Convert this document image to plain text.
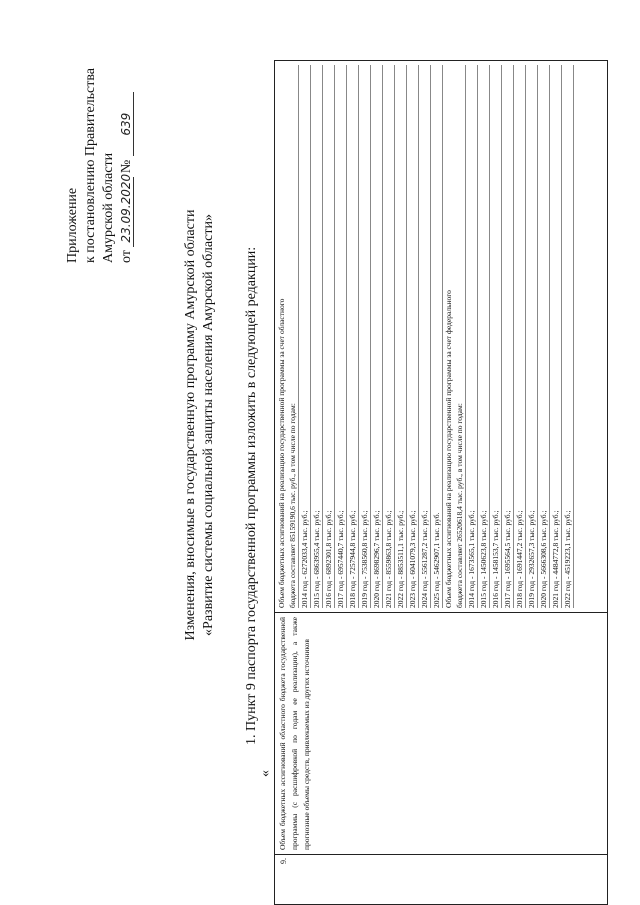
Приложение к постановлению Правительства Амурской области от 23.09.2020 № 639
Изменения, вносимые в государственную программу Амурской области «Развитие системы социальной защиты населения Амурской области» 1. Пункт 9 паспорта государственной программы изложить в следующей редакции:
«
9.
Объем бюджетных ассигнований областного бюджета государственной программы (с расшифровкой по годам ее реализации), а также прогнозные объемы средств, привлекаемых из других источников
Объем бюджетных ассигнований на реализацию государственной программы за счет областного бюджета составляет 85159190,6 тыс. руб., в том числе по годам: 2014 год - 6272033,4 тыс. руб.; 2015 год - 6863955,4 тыс. руб.; 2016 год - 6892301,8 тыс. руб.; 2017 год - 6957440,7 тыс. руб.; 2018 год - 7257944,8 тыс. руб.; 2019 год - 7538560,8 тыс. руб.; 2020 год - 8698296,7 тыс. руб.; 2021 год - 8559863,8 тыс. руб.; 2022 год - 8853511,1 тыс. руб.; 2023 год - 6041079,3 тыс. руб.; 2024 год - 5561287,2 тыс. руб.; 2025 год - 5462907,1 тыс. руб. Объем бюджетных ассигнований на реализацию государственной программы за счет федерального бюджета составляет 26520618,4 тыс. руб., в том числе по годам: 2014 год - 1673565,1 тыс. руб.; 2015 год - 1450623,8 тыс. руб.; 2016 год - 1458153,7 тыс. руб.; 2017 год - 1695564,5 тыс. руб.; 2018 год - 1691447,2 тыс. руб.; 2019 год - 2932657,3 тыс. руб.; 2020 год - 5666308,6 тыс. руб.; 2021 год - 4484772,8 тыс. руб.; 2022 год - 4519223,1 тыс. руб.;
